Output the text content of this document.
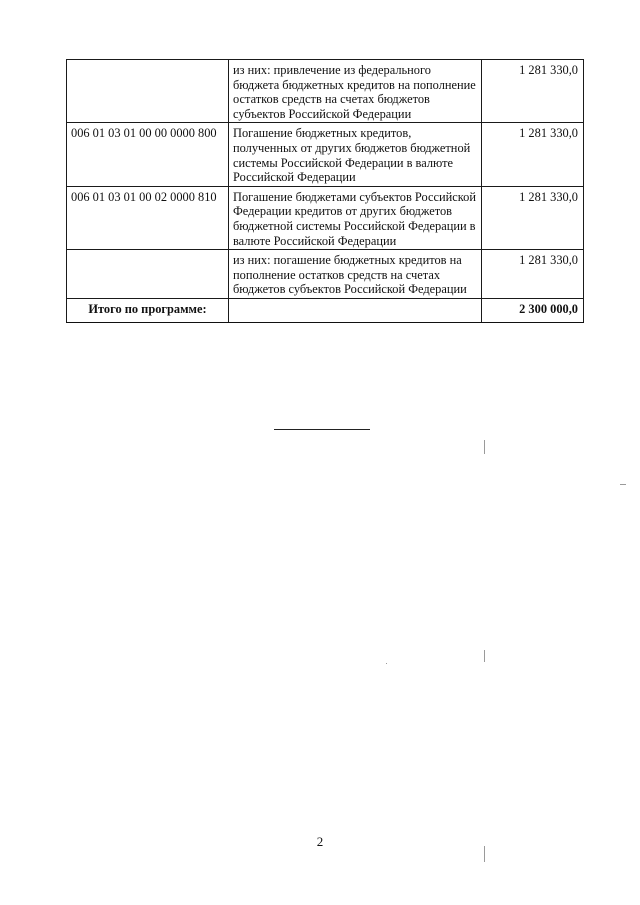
	из них: привлечение из федерального бюджета бюджетных кредитов на пополнение остатков средств на счетах бюджетов субъектов Российской Федерации	1 281 330,0
006 01 03 01 00 00 0000 800	Погашение бюджетных кредитов, полученных от других бюджетов бюджетной системы Российской Федерации в валюте Российской Федерации	1 281 330,0
006 01 03 01 00 02 0000 810	Погашение бюджетами субъектов Российской Федерации кредитов от других бюджетов бюджетной системы Российской Федерации в валюте Российской Федерации	1 281 330,0
	из них: погашение бюджетных кредитов на пополнение остатков средств на счетах бюджетов субъектов Российской Федерации	1 281 330,0
Итого по программе:		2 300 000,0
2
